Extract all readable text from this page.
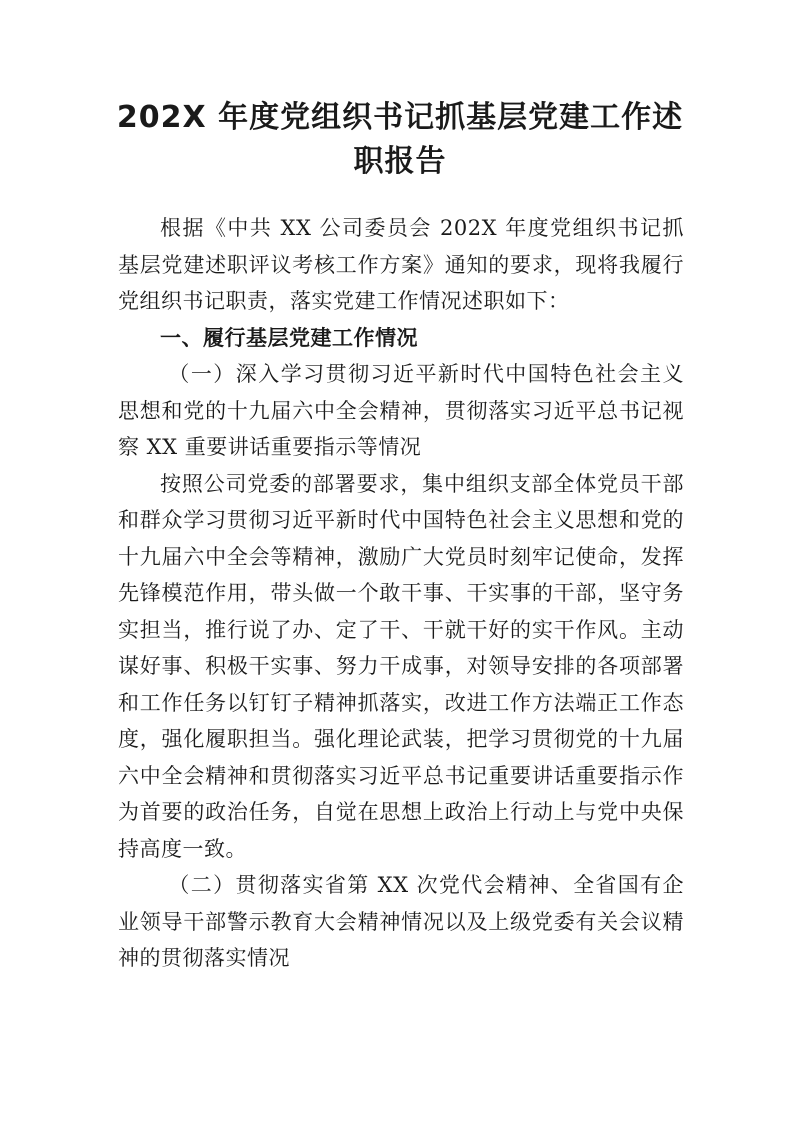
202X 年度党组织书记抓基层党建工作述职报告

根据《中共 XX 公司委员会 202X 年度党组织书记抓基层党建述职评议考核工作方案》通知的要求，现将我履行党组织书记职责，落实党建工作情况述职如下：

一、履行基层党建工作情况

（一）深入学习贯彻习近平新时代中国特色社会主义思想和党的十九届六中全会精神，贯彻落实习近平总书记视察 XX 重要讲话重要指示等情况

按照公司党委的部署要求，集中组织支部全体党员干部和群众学习贯彻习近平新时代中国特色社会主义思想和党的十九届六中全会等精神，激励广大党员时刻牢记使命，发挥先锋模范作用，带头做一个敢干事、干实事的干部，坚守务实担当，推行说了办、定了干、干就干好的实干作风。主动谋好事、积极干实事、努力干成事，对领导安排的各项部署和工作任务以钉钉子精神抓落实，改进工作方法端正工作态度，强化履职担当。强化理论武装，把学习贯彻党的十九届六中全会精神和贯彻落实习近平总书记重要讲话重要指示作为首要的政治任务，自觉在思想上政治上行动上与党中央保持高度一致。

（二）贯彻落实省第 XX 次党代会精神、全省国有企业领导干部警示教育大会精神情况以及上级党委有关会议精神的贯彻落实情况
